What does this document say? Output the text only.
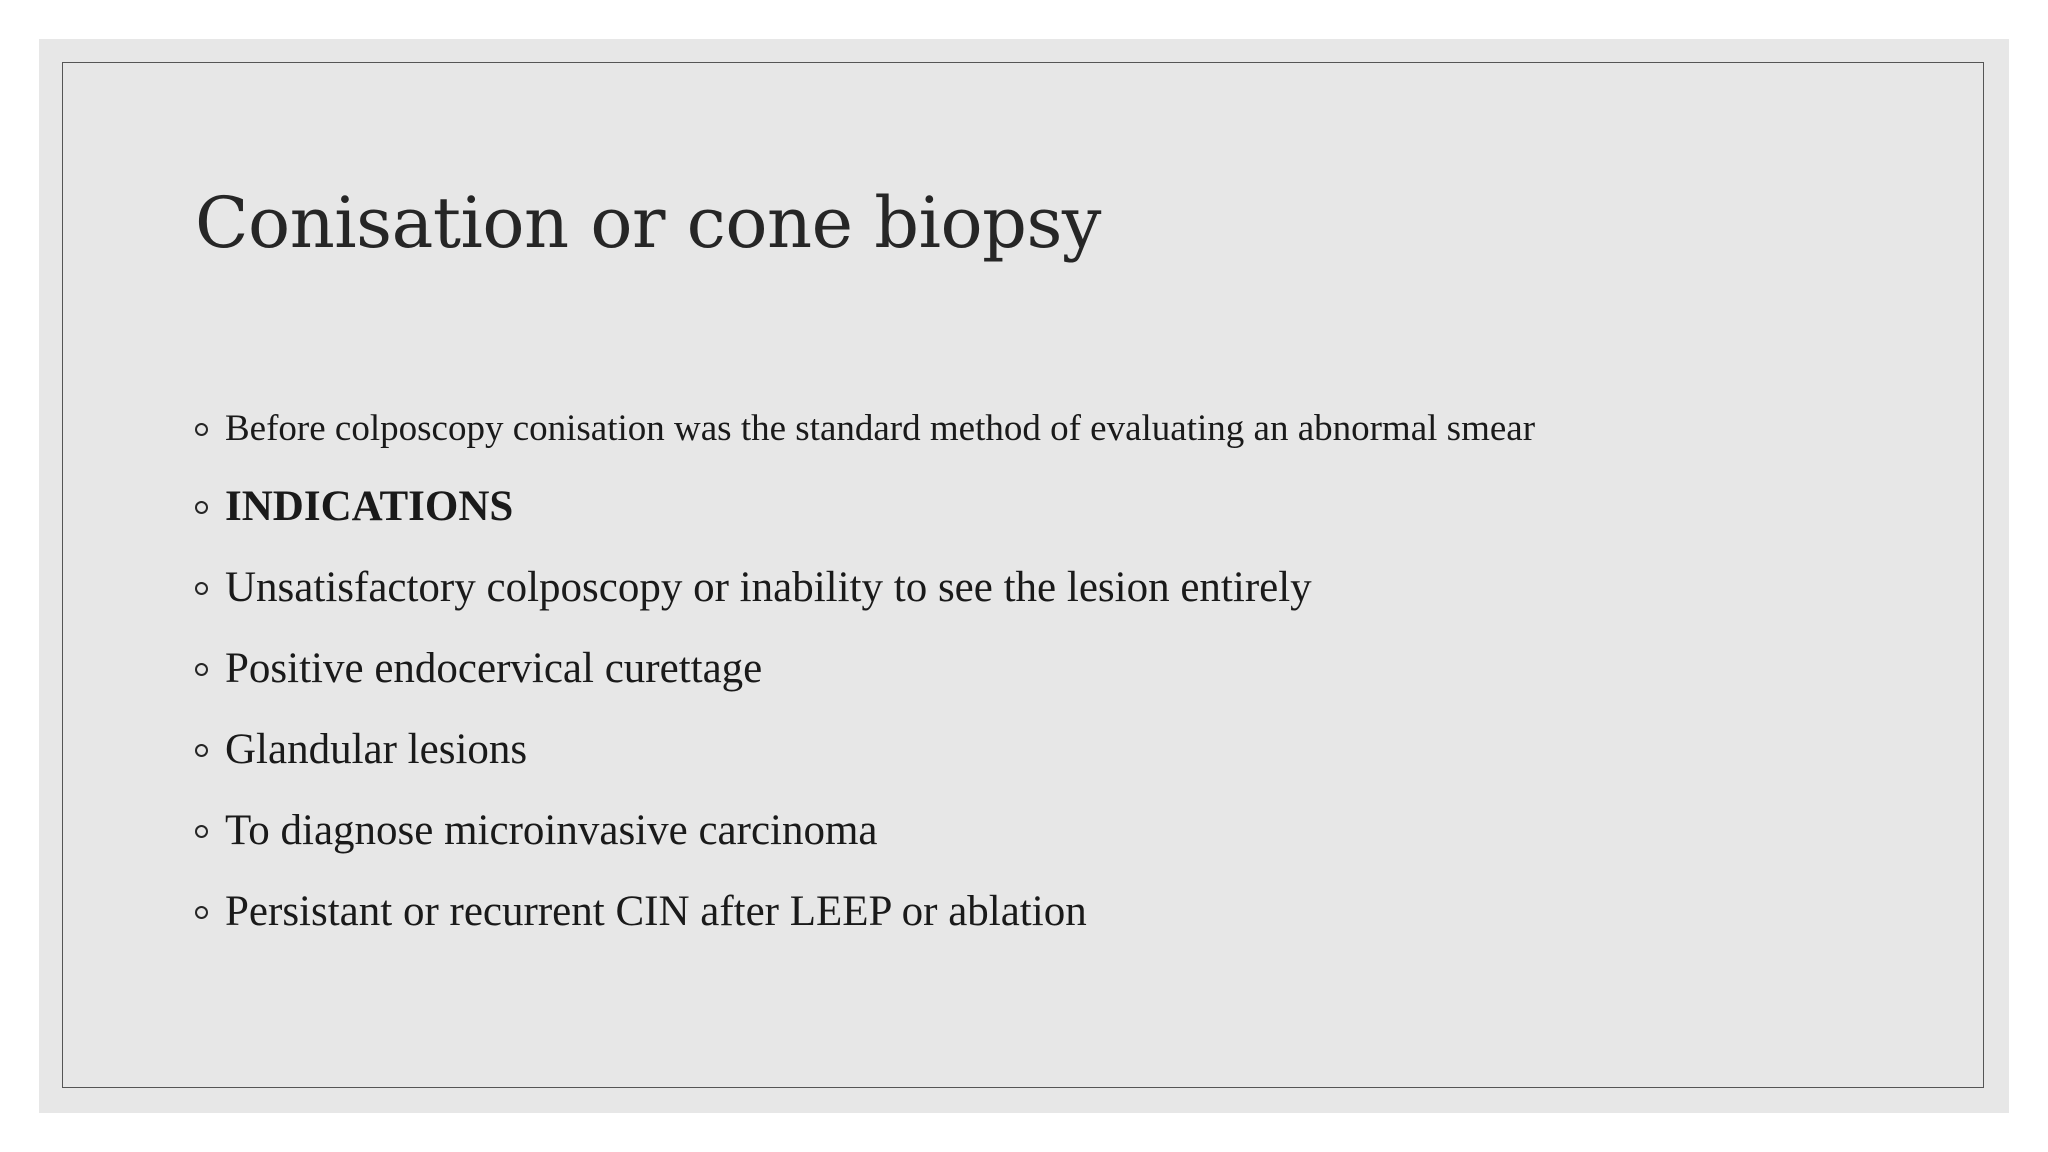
Conisation or cone biopsy
Before colposcopy conisation was the standard method of evaluating an abnormal smear
INDICATIONS
Unsatisfactory colposcopy or inability to see the lesion entirely
Positive endocervical curettage
Glandular lesions
To diagnose microinvasive carcinoma
Persistant or recurrent CIN after LEEP or ablation
